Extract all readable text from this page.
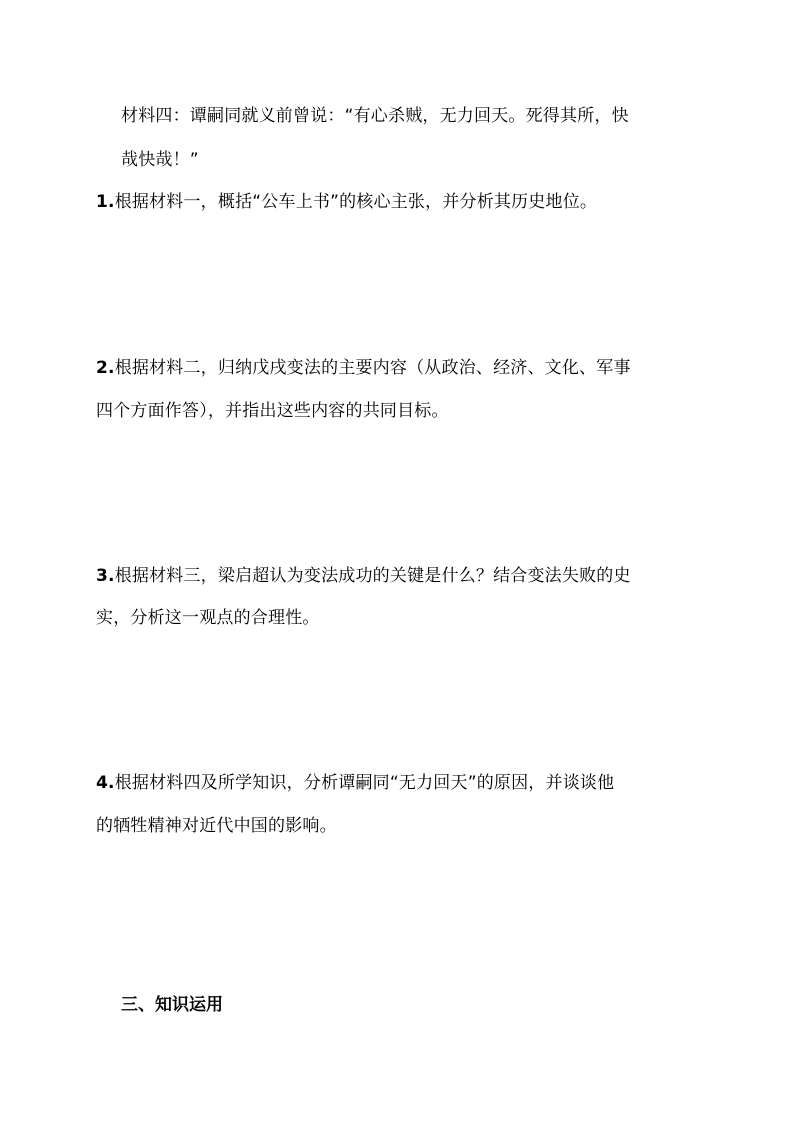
材料四：谭嗣同就义前曾说：“有心杀贼，无力回天。死得其所，快
哉快哉！”
1.根据材料一，概括“公车上书”的核心主张，并分析其历史地位。
2.根据材料二，归纳戊戌变法的主要内容（从政治、经济、文化、军事
四个方面作答），并指出这些内容的共同目标。
3.根据材料三，梁启超认为变法成功的关键是什么？结合变法失败的史
实，分析这一观点的合理性。
4.根据材料四及所学知识，分析谭嗣同“无力回天”的原因，并谈谈他
的牺牲精神对近代中国的影响。
三、知识运用
